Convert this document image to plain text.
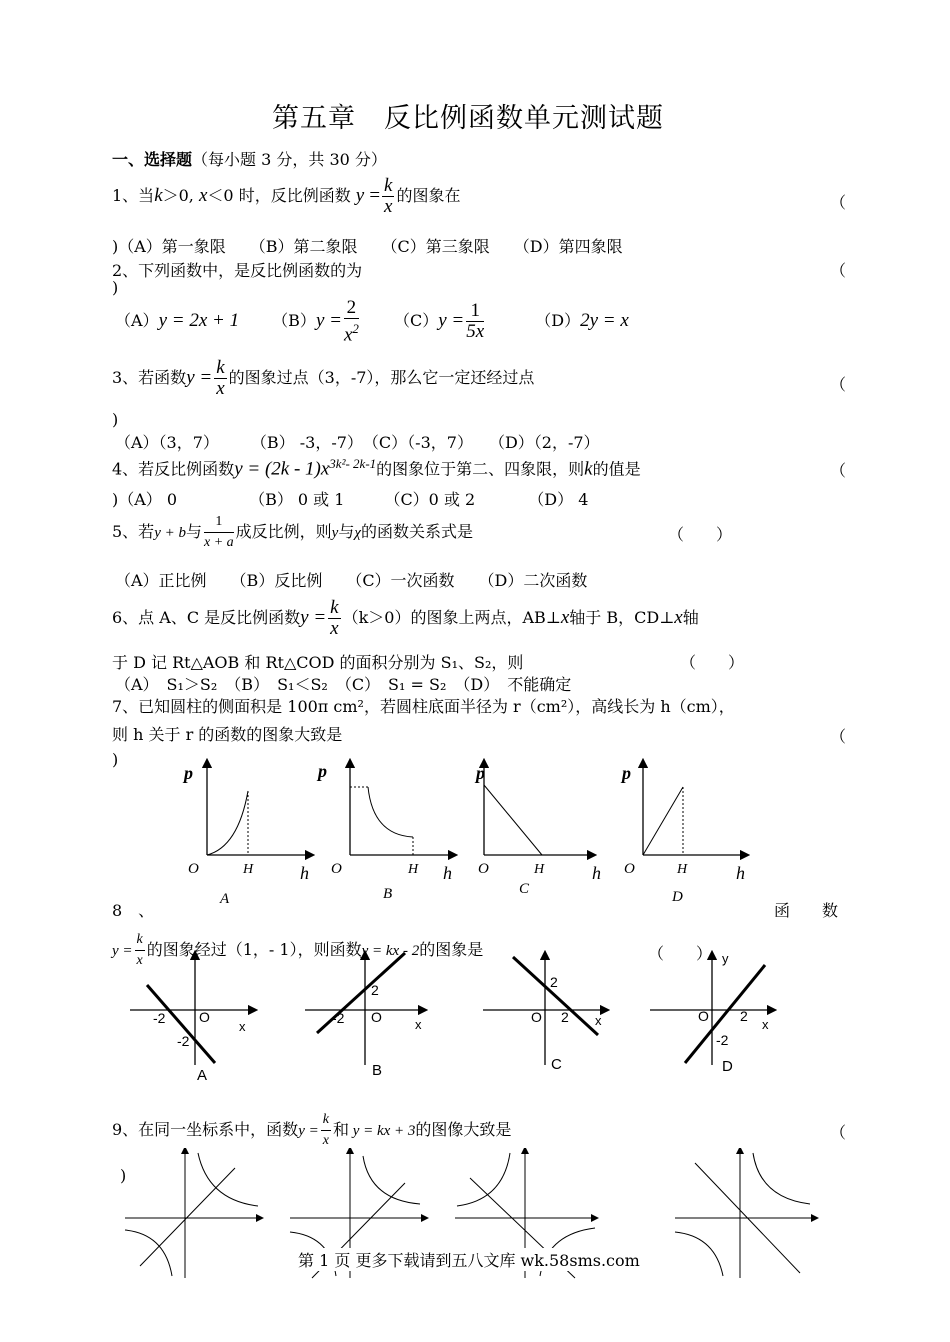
第五章　反比例函数单元测试题
一、选择题（每小题 3 分，共 30 分）
1、当k＞0, x＜0 时，反比例函数 $y = \frac{k}{x}$ 的图象在	（
)（A）第一象限　　（B）第二象限　　（C）第三象限　　（D）第四象限
2、下列函数中，是反比例函数的为	（
)
（A）y = 2x + 1 $(B)y = \frac{2}{x^2} (C)y = \frac{1}{5x}$	（D）2y = x
3、若函数$y = \frac{k}{x}$ 的图象过点（3，-7），那么它一定还经过点	（
)
（A）（3，7）　　　（B） -3，-7）　（C）（-3，7）　　（D）（2，-7）
4、若反比例函数$y = (2k - 1)x^{3k^2- 2k-1}$的图象位于第二、四象限，则k的值是	（
)（A） 0　　　　　（B） 0 或 1　　　（C）0 或 2　　　 （D） 4
5、若y + b与 $\frac{1}{x + a}$ 成反比例，则y与χ的函数关系式是	（　　）
（A）正比例　　（B）反比例　　（C）一次函数　　（D）二次函数
6、点 A、C 是反比例函数$y = \frac{k}{x} (k>0)$的图象上两点，AB⊥x轴于 B，CD⊥x轴
于 D 记 Rt△AOB 和 Rt△COD 的面积分别为 S₁、S₂，则	（　　）
（A）　S₁＞S₂　（B）　S₁＜S₂　（C）　S₁ = S₂　（D）　不能确定
7、已知圆柱的侧面积是 100π cm²，若圆柱底面半径为 r（cm²），高线长为 h（cm），
则 h 关于 r 的函数的图象大致是	（
)
p
O	H	h
A
p
O	H h
B
p
O	H	h
C
p
O	H	h
D
8　、	函　　数
$y = \frac{k}{x}$ 的图象经过（1，- 1），则函数y = kx - 2的图象是	（　　）
-2
-2
O
x
A
-2
2
O	x
B
2
2
O	x
C
2
-2
O
x
y
D
9、在同一坐标系中，函数$y = \frac{k}{x}$ 和 y = kx + 3的图像大致是	（
)
第 1 页 更多下载请到五八文库 wk.58sms.com
